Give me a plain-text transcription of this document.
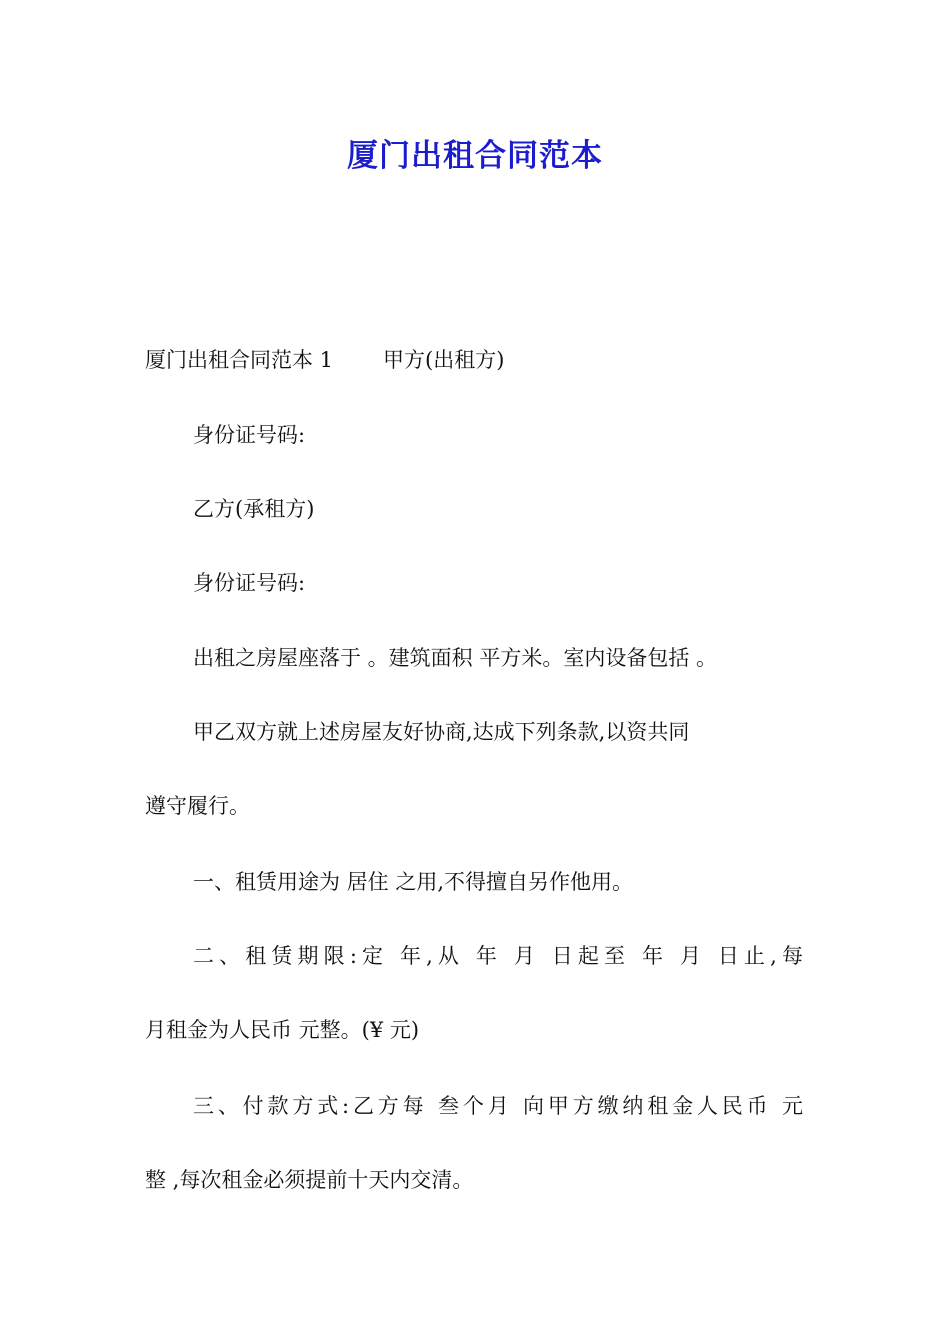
厦门出租合同范本
厦门出租合同范本 1 甲方(出租方)
身份证号码:
乙方(承租方)
身份证号码:
出租之房屋座落于 。建筑面积 平方米。室内设备包括 。
甲乙双方就上述房屋友好协商,达成下列条款,以资共同
遵守履行。
一、租赁用途为 居住 之用,不得擅自另作他用。
二、租赁期限:定 年,从 年 月 日起至 年 月 日止,每
月租金为人民币 元整。(¥ 元)
三、付款方式:乙方每 叁个月 向甲方缴纳租金人民币 元
整 ,每次租金必须提前十天内交清。
